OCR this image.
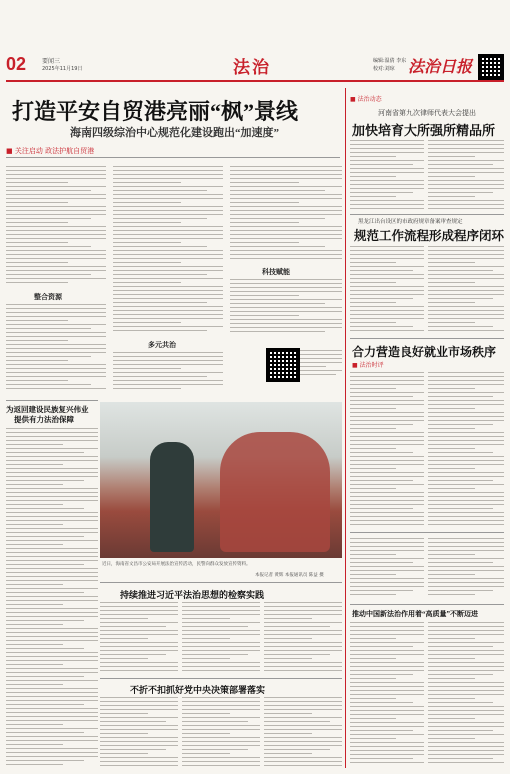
02	要闻三
2025年11月19日	法治	编辑:温倩 李东
校对:刘琼 法治日报
打造平安自贸港亮丽“枫”景线
海南四级综治中心规范化建设跑出“加速度”
■ 关注启动 政法护航自贸港
整合资源
多元共治
科技赋能
为返回建设民族复兴伟业
提供有力法治保障
近日，海南省文昌市公安局开展法治宣传活动，民警向群众发放宣传资料。
本报记者 黄辉 本报通讯员 陈益 摄
■ 法治动态
河南省第九次律师代表大会提出
加快培育大所强所精品所
黑龙江出台设区的市政府规章备案审查规定
规范工作流程形成程序闭环
合力营造良好就业市场秩序
■ 法治时评
持续推进习近平法治思想的检察实践
不折不扣抓好党中央决策部署落实
推动中国新法治作用着“高质量”不断迈进
